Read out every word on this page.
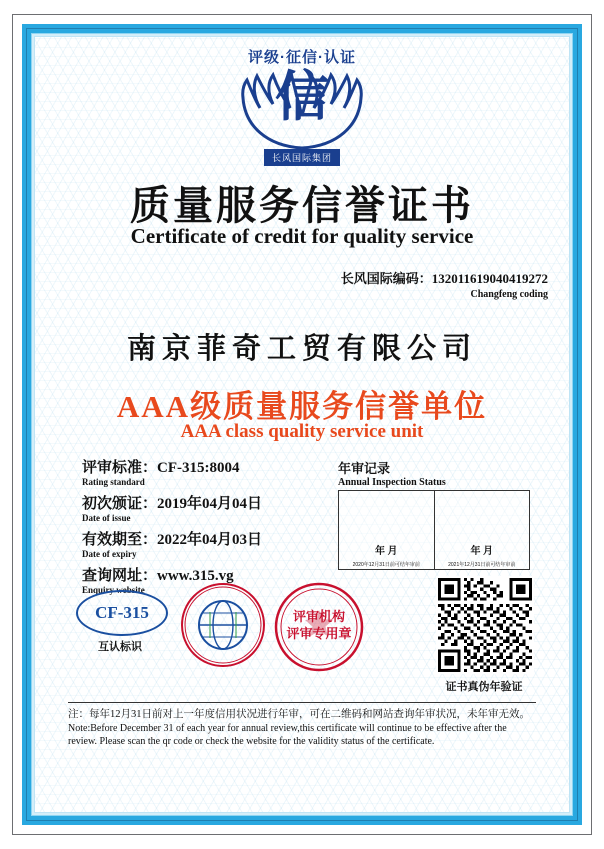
评级·征信·认证
信
长风国际集团
质量服务信誉证书
Certificate of credit for quality service
长风国际编码：132011619040419272
Changfeng coding
南京菲奇工贸有限公司
AAA级质量服务信誉单位
AAA class quality service unit
评审标准：CF-315:8004
Rating standard
初次颁证：2019年04月04日
Date of issue
有效期至：2022年04月03日
Date of expiry
查询网址：www.315.vg
Enquiry website
年审记录
Annual Inspection Status
年 月
2020年12月31日前可结年审前
年 月
2021年12月31日前可结年审前
CF-315
互认标识
评审机构
评审专用章
证书真伪年验证
注：每年12月31日前对上一年度信用状况进行年审，可在二维码和网站查询年审状况，未年审无效。
Note:Before December 31 of each year for annual review,this certificate will continue to be effective after the review. Please scan the qr code or check the website for the validity status of the certificate.
